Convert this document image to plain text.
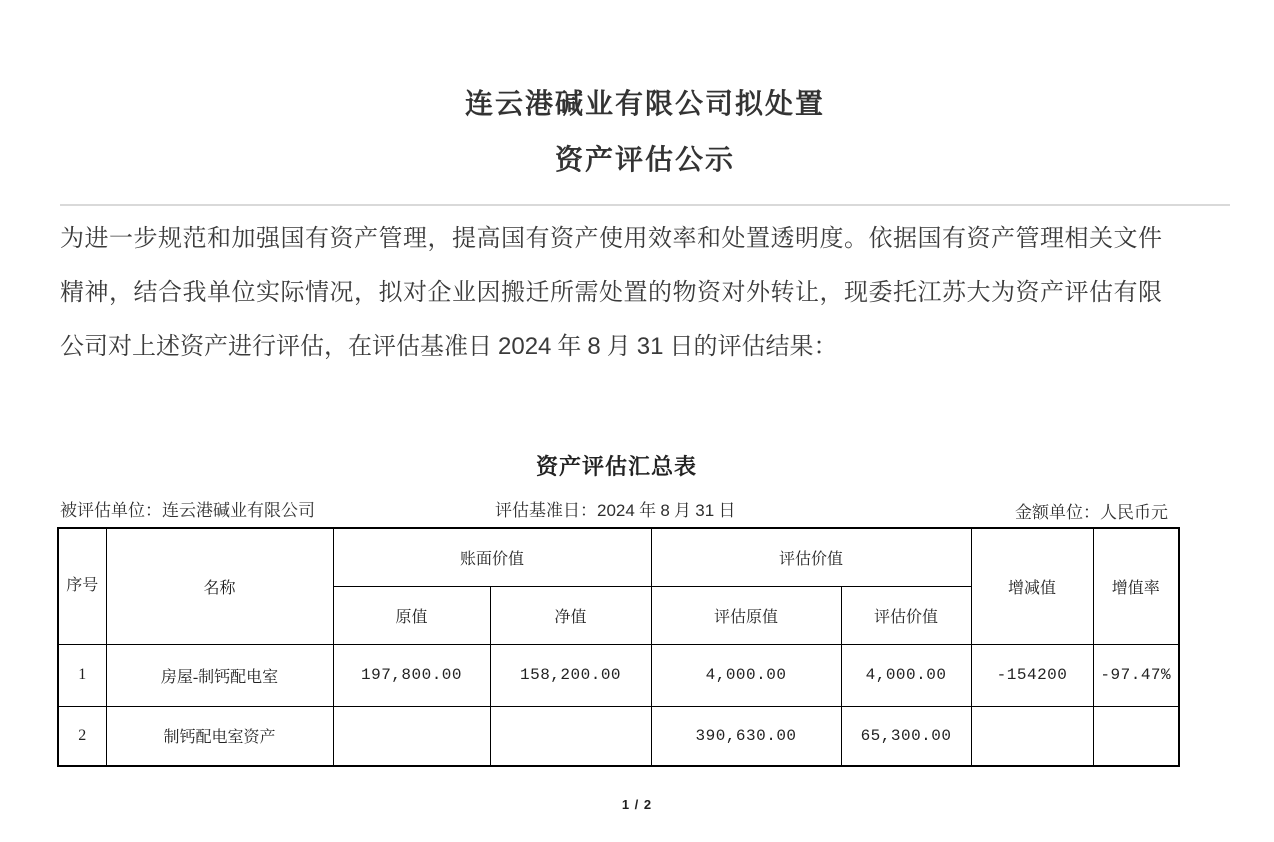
连云港碱业有限公司拟处置
资产评估公示
为进一步规范和加强国有资产管理，提高国有资产使用效率和处置透明度。依据国有资产管理相关文件精神，结合我单位实际情况，拟对企业因搬迁所需处置的物资对外转让，现委托江苏大为资产评估有限公司对上述资产进行评估，在评估基准日 2024 年 8 月 31 日的评估结果：
资产评估汇总表
被评估单位：连云港碱业有限公司	评估基准日：2024 年 8 月 31 日	金额单位：人民币元
序号	名称	账面价值		评估价值		增减值	增值率
		原值	净值	评估原值	评估价值		
1	房屋-制钙配电室	197,800.00	158,200.00	4,000.00	4,000.00	-154200	-97.47%
2	制钙配电室资产			390,630.00	65,300.00		
1 / 2
